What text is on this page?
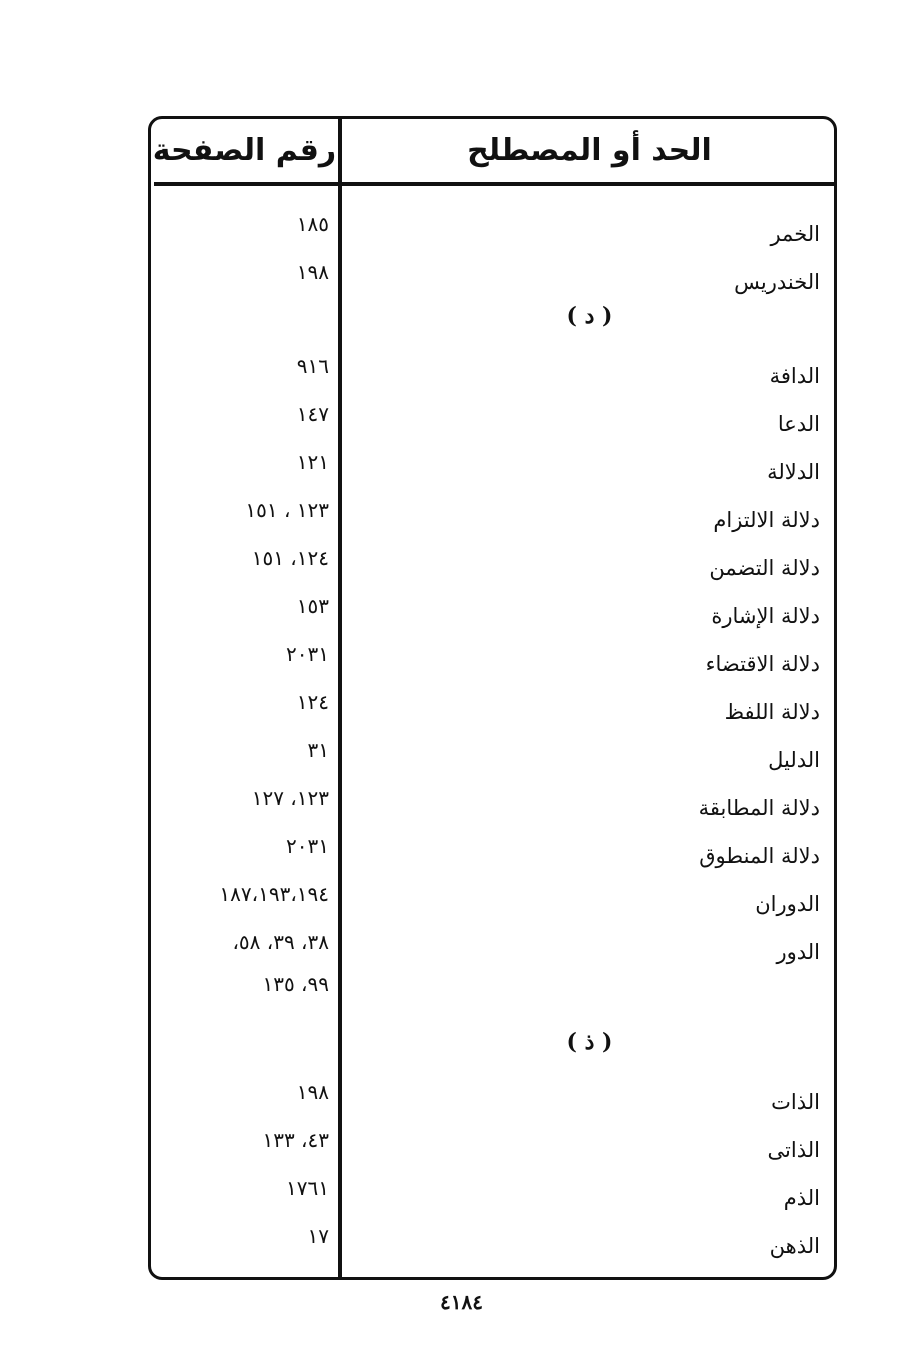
الحد أو المصطلح
رقم الصفحة
الخمر
١٨٥
الخندريس
١٩٨
( د )
الدافة
٩١٦
الدعا
١٤٧
الدلالة
١٢١
دلالة الالتزام
١٢٣ ، ١٥١
دلالة التضمن
١٢٤، ١٥١
دلالة الإشارة
١٥٣
دلالة الاقتضاء
٢٠٣١
دلالة اللفظ
١٢٤
الدليل
٣١
دلالة المطابقة
١٢٣، ١٢٧
دلالة المنطوق
٢٠٣١
الدوران
١٨٧،١٩٣،١٩٤
الدور
٣٨، ٣٩، ٥٨،
٩٩، ١٣٥
( ذ )
الذات
١٩٨
الذاتى
٤٣، ١٣٣
الذم
١٧٦١
الذهن
١٧
٤١٨٤
